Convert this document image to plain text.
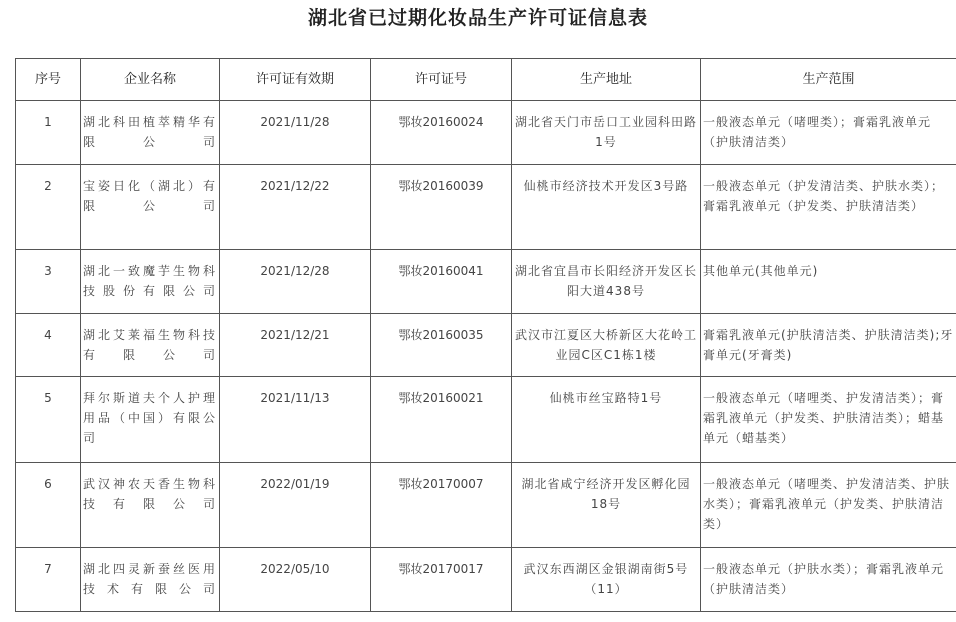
湖北省已过期化妆品生产许可证信息表
序号	企业名称	许可证有效期	许可证号	生产地址	生产范围
1	湖北科田植萃精华有限公司	2021/11/28	鄂妆20160024	湖北省天门市岳口工业园科田路1号	一般液态单元（啫哩类）；膏霜乳液单元（护肤清洁类）
2	宝姿日化（湖北）有限公司	2021/12/22	鄂妆20160039	仙桃市经济技术开发区3号路	一般液态单元（护发清洁类、护肤水类）；膏霜乳液单元（护发类、护肤清洁类）
3	湖北一致魔芋生物科技股份有限公司	2021/12/28	鄂妆20160041	湖北省宜昌市长阳经济开发区长阳大道438号	其他单元(其他单元)
4	湖北艾莱福生物科技有限公司	2021/12/21	鄂妆20160035	武汉市江夏区大桥新区大花岭工业园C区C1栋1楼	膏霜乳液单元(护肤清洁类、护肤清洁类);牙膏单元(牙膏类)
5	拜尔斯道夫个人护理用品（中国）有限公司	2021/11/13	鄂妆20160021	仙桃市丝宝路特1号	一般液态单元（啫哩类、护发清洁类）；膏霜乳液单元（护发类、护肤清洁类）；蜡基单元（蜡基类）
6	武汉神农天香生物科技有限公司	2022/01/19	鄂妆20170007	湖北省咸宁经济开发区孵化园18号	一般液态单元（啫哩类、护发清洁类、护肤水类）；膏霜乳液单元（护发类、护肤清洁类）
7	湖北四灵新蚕丝医用技术有限公司	2022/05/10	鄂妆20170017	武汉东西湖区金银湖南街5号（11）	一般液态单元（护肤水类）；膏霜乳液单元（护肤清洁类）
